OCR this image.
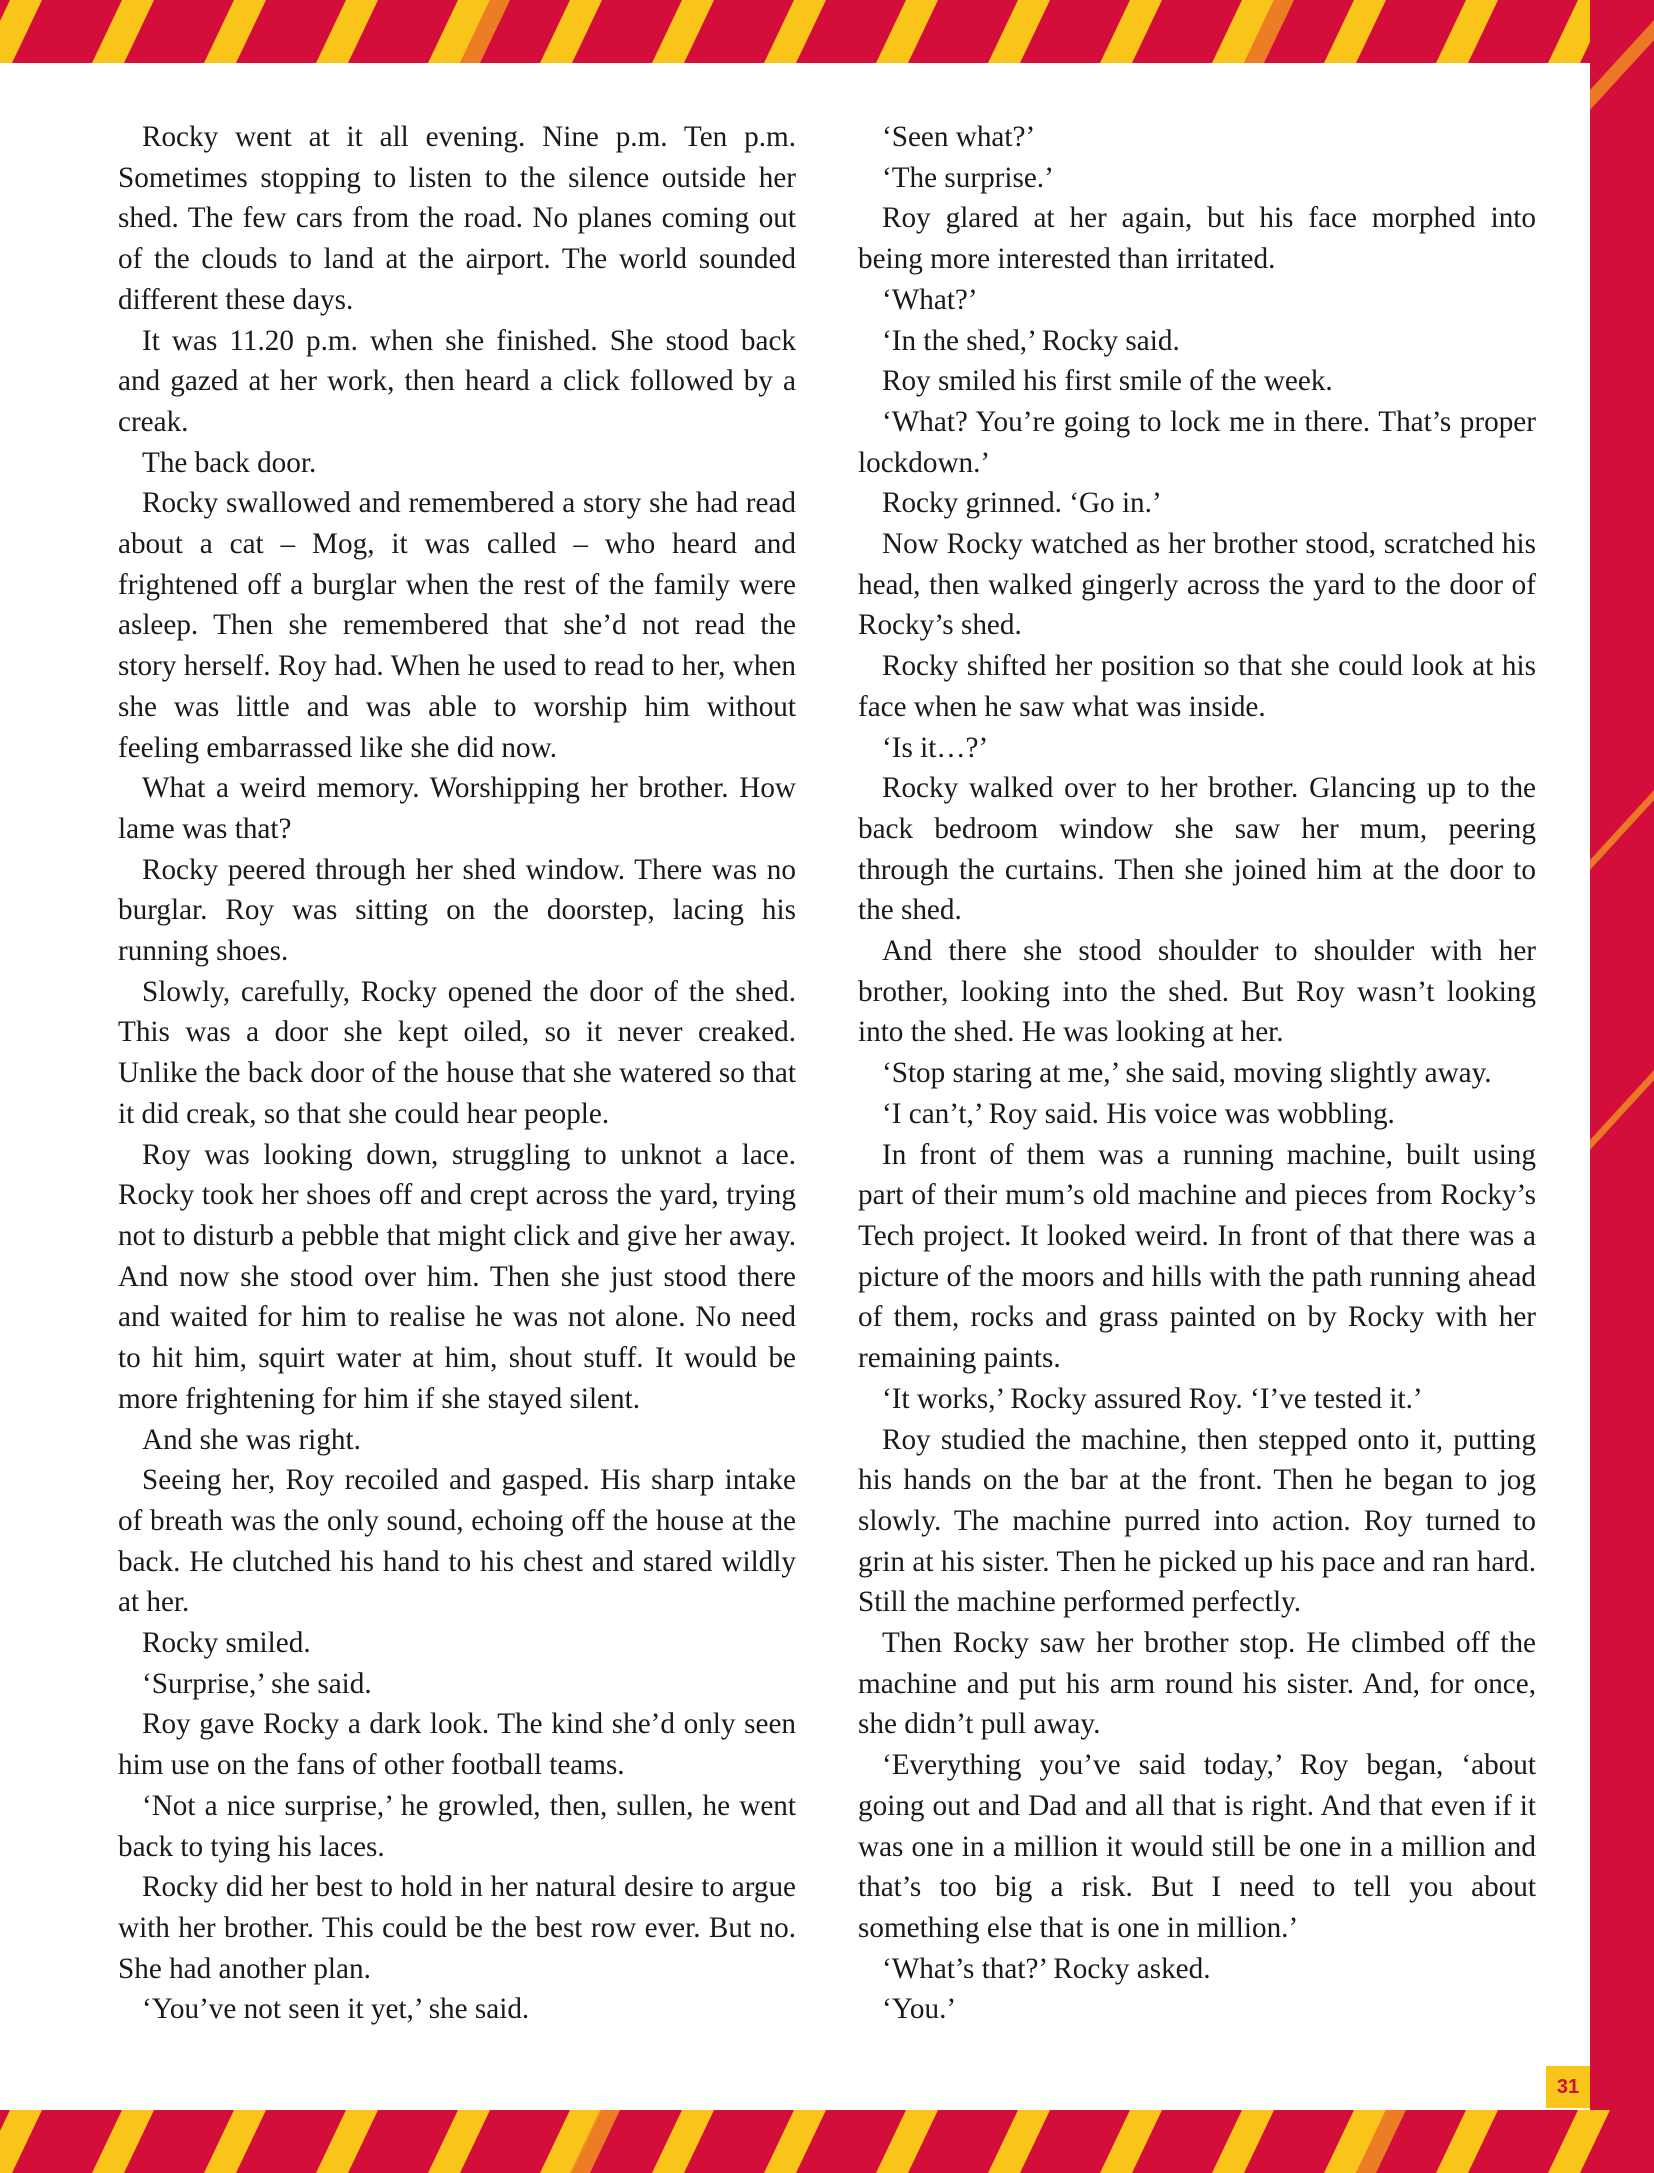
Rocky went at it all evening. Nine p.m. Ten p.m. Sometimes stopping to listen to the silence outside her shed. The few cars from the road. No planes coming out of the clouds to land at the airport. The world sounded different these days.

It was 11.20 p.m. when she finished. She stood back and gazed at her work, then heard a click followed by a creak.

The back door.

Rocky swallowed and remembered a story she had read about a cat – Mog, it was called – who heard and frightened off a burglar when the rest of the family were asleep. Then she remembered that she’d not read the story herself. Roy had. When he used to read to her, when she was little and was able to worship him without feeling embarrassed like she did now.

What a weird memory. Worshipping her brother. How lame was that?

Rocky peered through her shed window. There was no burglar. Roy was sitting on the doorstep, lacing his running shoes.

Slowly, carefully, Rocky opened the door of the shed. This was a door she kept oiled, so it never creaked. Unlike the back door of the house that she watered so that it did creak, so that she could hear people.

Roy was looking down, struggling to unknot a lace. Rocky took her shoes off and crept across the yard, trying not to disturb a pebble that might click and give her away. And now she stood over him. Then she just stood there and waited for him to realise he was not alone. No need to hit him, squirt water at him, shout stuff. It would be more frightening for him if she stayed silent.

And she was right.

Seeing her, Roy recoiled and gasped. His sharp intake of breath was the only sound, echoing off the house at the back. He clutched his hand to his chest and stared wildly at her.

Rocky smiled.

‘Surprise,’ she said.

Roy gave Rocky a dark look. The kind she’d only seen him use on the fans of other football teams.

‘Not a nice surprise,’ he growled, then, sullen, he went back to tying his laces.

Rocky did her best to hold in her natural desire to argue with her brother. This could be the best row ever. But no. She had another plan.

‘You’ve not seen it yet,’ she said.

‘Seen what?’

‘The surprise.’

Roy glared at her again, but his face morphed into being more interested than irritated.

‘What?’

‘In the shed,’ Rocky said.

Roy smiled his first smile of the week.

‘What? You’re going to lock me in there. That’s proper lockdown.’

Rocky grinned. ‘Go in.’

Now Rocky watched as her brother stood, scratched his head, then walked gingerly across the yard to the door of Rocky’s shed.

Rocky shifted her position so that she could look at his face when he saw what was inside.

‘Is it…?’

Rocky walked over to her brother. Glancing up to the back bedroom window she saw her mum, peering through the curtains. Then she joined him at the door to the shed.

And there she stood shoulder to shoulder with her brother, looking into the shed. But Roy wasn’t looking into the shed. He was looking at her.

‘Stop staring at me,’ she said, moving slightly away.

‘I can’t,’ Roy said. His voice was wobbling.

In front of them was a running machine, built using part of their mum’s old machine and pieces from Rocky’s Tech project. It looked weird. In front of that there was a picture of the moors and hills with the path running ahead of them, rocks and grass painted on by Rocky with her remaining paints.

‘It works,’ Rocky assured Roy. ‘I’ve tested it.’

Roy studied the machine, then stepped onto it, putting his hands on the bar at the front. Then he began to jog slowly. The machine purred into action. Roy turned to grin at his sister. Then he picked up his pace and ran hard. Still the machine performed perfectly.

Then Rocky saw her brother stop. He climbed off the machine and put his arm round his sister. And, for once, she didn’t pull away.

‘Everything you’ve said today,’ Roy began, ‘about going out and Dad and all that is right. And that even if it was one in a million it would still be one in a million and that’s too big a risk. But I need to tell you about something else that is one in million.’

‘What’s that?’ Rocky asked.

‘You.’

31
